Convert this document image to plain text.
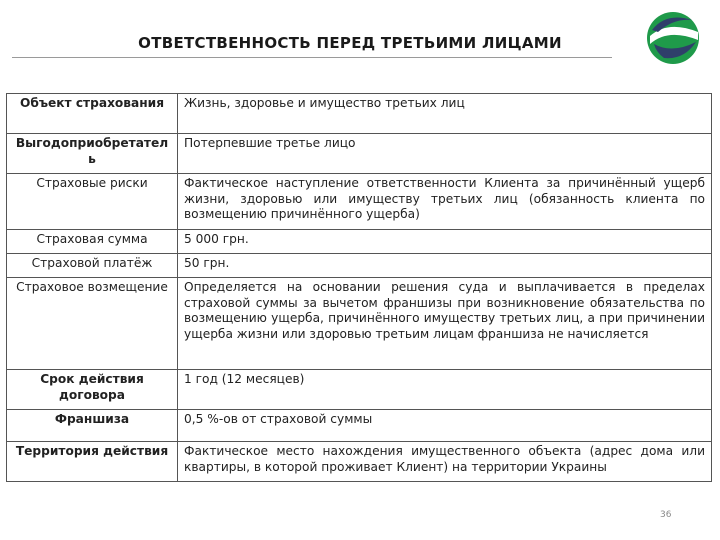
ОТВЕТСТВЕННОСТЬ ПЕРЕД ТРЕТЬИМИ ЛИЦАМИ
Объект страхования	Жизнь, здоровье и имущество третьих лиц
Выгодоприобретатель	Потерпевшие третье лицо
Страховые риски	Фактическое наступление ответственности Клиента за причинённый ущерб жизни, здоровью или имуществу третьих лиц (обязанность клиента по возмещению причинённого ущерба)
Страховая сумма	5 000 грн.
Страховой платёж	50 грн.
Страховое возмещение	Определяется на основании решения суда и выплачивается в пределах страховой суммы за вычетом франшизы при возникновение обязательства по возмещению ущерба, причинённого имуществу третьих лиц, а при причинении ущерба жизни или здоровью третьим лицам франшиза не начисляется
Срок действия договора	1 год (12 месяцев)
Франшиза	0,5 %-ов от страховой суммы
Территория действия	Фактическое место нахождения имущественного объекта (адрес дома или квартиры, в которой проживает Клиент) на территории Украины
36
